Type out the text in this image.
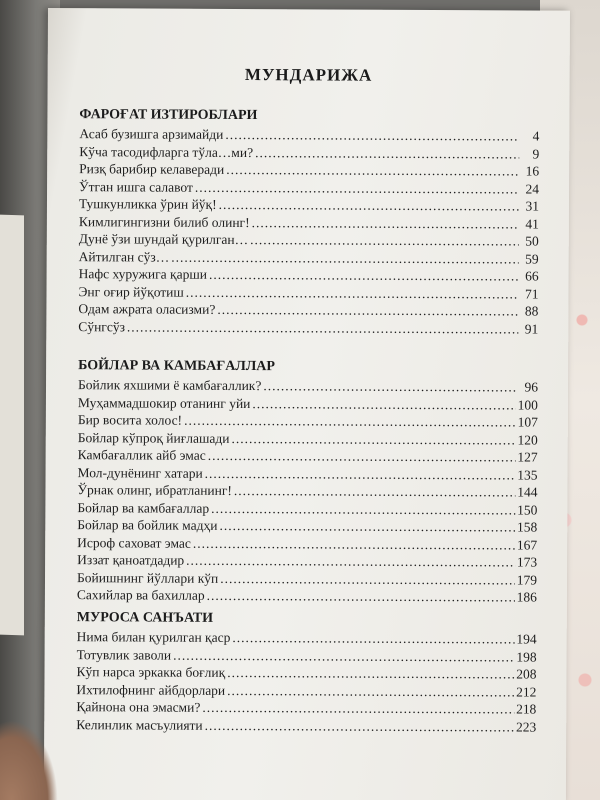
МУНДАРИЖА
ФАРОҒАТ ИЗТИРОБЛАРИ
Асаб бузишга арзимайди .....	4
Кўча тасодифларга тўла…ми? .....	9
Ризқ барибир келаверади .....	16
Ўтган ишга салавот .....	24
Тушкунликка ўрин йўқ! .....	31
Кимлигингизни билиб олинг! .....	41
Дунё ўзи шундай қурилган… .....	50
Айтилган сўз… .....	59
Нафс хуружига қарши .....	66
Энг оғир йўқотиш .....	71
Одам ажрата оласизми? .....	88
Сўнгсўз .....	91
БОЙЛАР ВА КАМБАҒАЛЛАР
Бойлик яхшими ё камбағаллик? .....	96
Муҳаммадшокир отанинг уйи .....	100
Бир восита холос! .....	107
Бойлар кўпроқ йиғлашади .....	120
Камбағаллик айб эмас .....	127
Мол-дунёнинг хатари .....	135
Ўрнак олинг, ибратланинг! .....	144
Бойлар ва камбағаллар .....	150
Бойлар ва бойлик мадҳи .....	158
Исроф саховат эмас .....	167
Иззат қаноатдадир .....	173
Бойишнинг йўллари кўп .....	179
Сахийлар ва бахиллар .....	186
МУРОСА САНЪАТИ
Нима билан қурилган қаср .....	194
Тотувлик заволи .....	198
Кўп нарса эркакка боғлиқ .....	208
Ихтилофнинг айбдорлари .....	212
Қайнона она эмасми? .....	218
Келинлик масъулияти .....	223
